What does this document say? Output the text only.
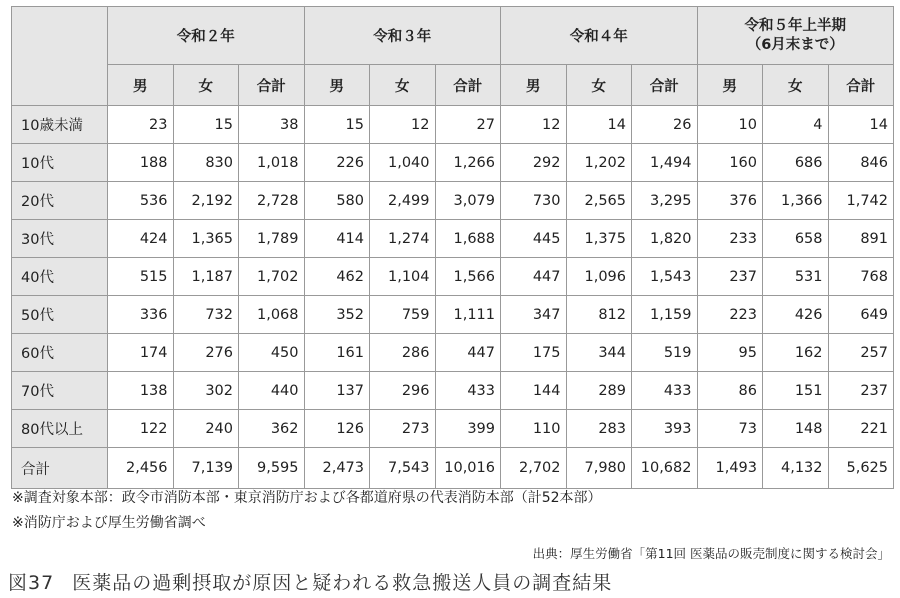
	令和２年			令和３年			令和４年			令和５年上半期
（6月末まで）		
	男	女	合計	男	女	合計	男	女	合計	男	女	合計
10歳未満	23	15	38	15	12	27	12	14	26	10	4	14
10代	188	830	1,018	226	1,040	1,266	292	1,202	1,494	160	686	846
20代	536	2,192	2,728	580	2,499	3,079	730	2,565	3,295	376	1,366	1,742
30代	424	1,365	1,789	414	1,274	1,688	445	1,375	1,820	233	658	891
40代	515	1,187	1,702	462	1,104	1,566	447	1,096	1,543	237	531	768
50代	336	732	1,068	352	759	1,111	347	812	1,159	223	426	649
60代	174	276	450	161	286	447	175	344	519	95	162	257
70代	138	302	440	137	296	433	144	289	433	86	151	237
80代以上	122	240	362	126	273	399	110	283	393	73	148	221
合計	2,456	7,139	9,595	2,473	7,543	10,016	2,702	7,980	10,682	1,493	4,132	5,625
※調査対象本部：政令市消防本部・東京消防庁および各都道府県の代表消防本部（計52本部）
※消防庁および厚生労働省調べ
出典：厚生労働省「第11回 医薬品の販売制度に関する検討会」
図37 医薬品の過剰摂取が原因と疑われる救急搬送人員の調査結果
